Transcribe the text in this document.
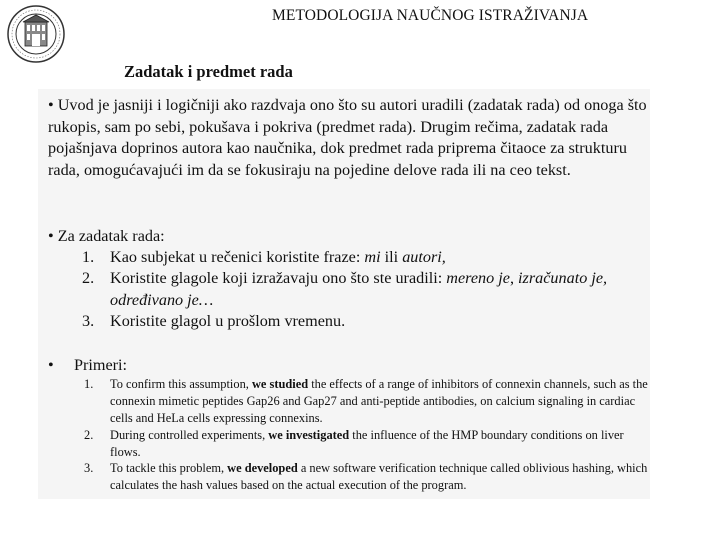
METODOLOGIJA NAUČNOG ISTRAŽIVANJA
Zadatak i predmet rada
• Uvod je jasniji i logičniji ako razdvaja ono što su autori uradili (zadatak rada) od onoga što rukopis, sam po sebi, pokušava i pokriva (predmet rada). Drugim rečima, zadatak rada pojašnjava doprinos autora kao naučnika, dok predmet rada priprema čitaoce za strukturu rada, omogućavajući im da se fokusiraju na pojedine delove rada ili na ceo tekst.
• Za zadatak rada:
1. Kao subjekat u rečenici koristite fraze: mi ili autori,
2. Koristite glagole koji izražavaju ono što ste uradili: mereno je, izračunato je, određivano je…
3. Koristite glagol u prošlom vremenu.
• Primeri:
1. To confirm this assumption, we studied the effects of a range of inhibitors of connexin channels, such as the connexin mimetic peptides Gap26 and Gap27 and anti-peptide antibodies, on calcium signaling in cardiac cells and HeLa cells expressing connexins.
2. During controlled experiments, we investigated the influence of the HMP boundary conditions on liver flows.
3. To tackle this problem, we developed a new software verification technique called oblivious hashing, which calculates the hash values based on the actual execution of the program.
